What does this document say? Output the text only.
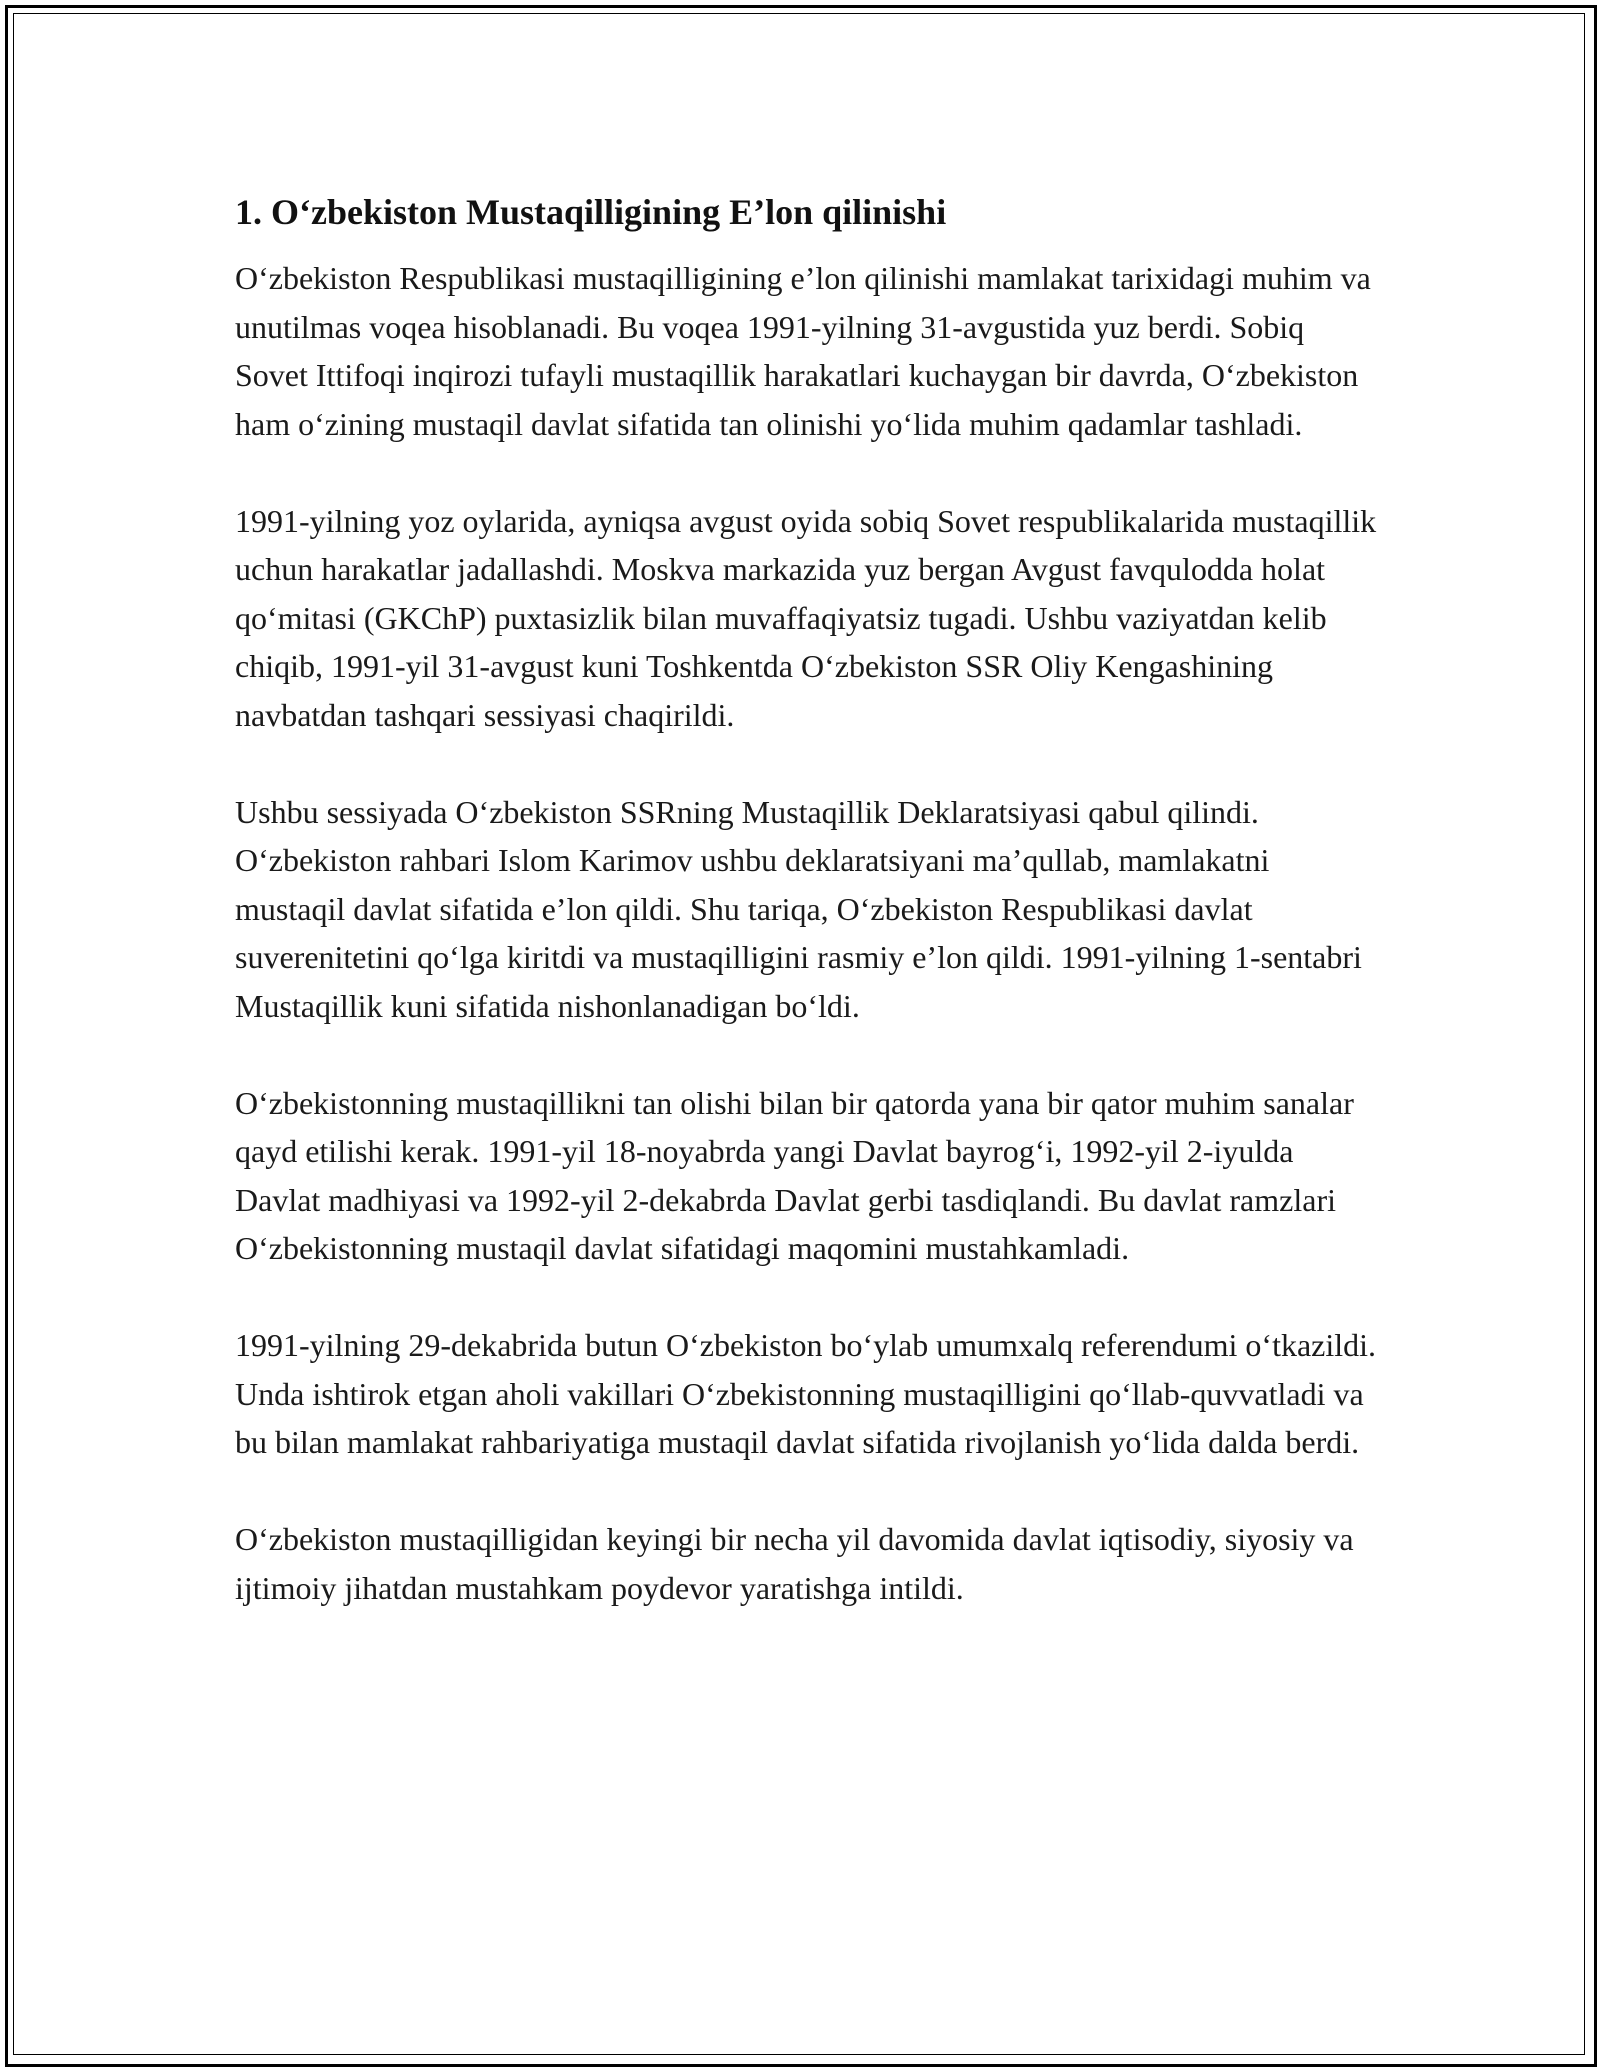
1. O‘zbekiston Mustaqilligining E’lon qilinishi

O‘zbekiston Respublikasi mustaqilligining e’lon qilinishi mamlakat tarixidagi muhim va unutilmas voqea hisoblanadi. Bu voqea 1991-yilning 31-avgustida yuz berdi. Sobiq Sovet Ittifoqi inqirozi tufayli mustaqillik harakatlari kuchaygan bir davrda, O‘zbekiston ham o‘zining mustaqil davlat sifatida tan olinishi yo‘lida muhim qadamlar tashladi.

1991-yilning yoz oylarida, ayniqsa avgust oyida sobiq Sovet respublikalarida mustaqillik uchun harakatlar jadallashdi. Moskva markazida yuz bergan Avgust favqulodda holat qo‘mitasi (GKChP) puxtasizlik bilan muvaffaqiyatsiz tugadi. Ushbu vaziyatdan kelib chiqib, 1991-yil 31-avgust kuni Toshkentda O‘zbekiston SSR Oliy Kengashining navbatdan tashqari sessiyasi chaqirildi.

Ushbu sessiyada O‘zbekiston SSRning Mustaqillik Deklaratsiyasi qabul qilindi. O‘zbekiston rahbari Islom Karimov ushbu deklaratsiyani ma’qullab, mamlakatni mustaqil davlat sifatida e’lon qildi. Shu tariqa, O‘zbekiston Respublikasi davlat suverenitetini qo‘lga kiritdi va mustaqilligini rasmiy e’lon qildi. 1991-yilning 1-sentabri Mustaqillik kuni sifatida nishonlanadigan bo‘ldi.

O‘zbekistonning mustaqillikni tan olishi bilan bir qatorda yana bir qator muhim sanalar qayd etilishi kerak. 1991-yil 18-noyabrda yangi Davlat bayrog‘i, 1992-yil 2-iyulda Davlat madhiyasi va 1992-yil 2-dekabrda Davlat gerbi tasdiqlandi. Bu davlat ramzlari O‘zbekistonning mustaqil davlat sifatidagi maqomini mustahkamladi.

1991-yilning 29-dekabrida butun O‘zbekiston bo‘ylab umumxalq referendumi o‘tkazildi. Unda ishtirok etgan aholi vakillari O‘zbekistonning mustaqilligini qo‘llab-quvvatladi va bu bilan mamlakat rahbariyatiga mustaqil davlat sifatida rivojlanish yo‘lida dalda berdi.

O‘zbekiston mustaqilligidan keyingi bir necha yil davomida davlat iqtisodiy, siyosiy va ijtimoiy jihatdan mustahkam poydevor yaratishga intildi.
